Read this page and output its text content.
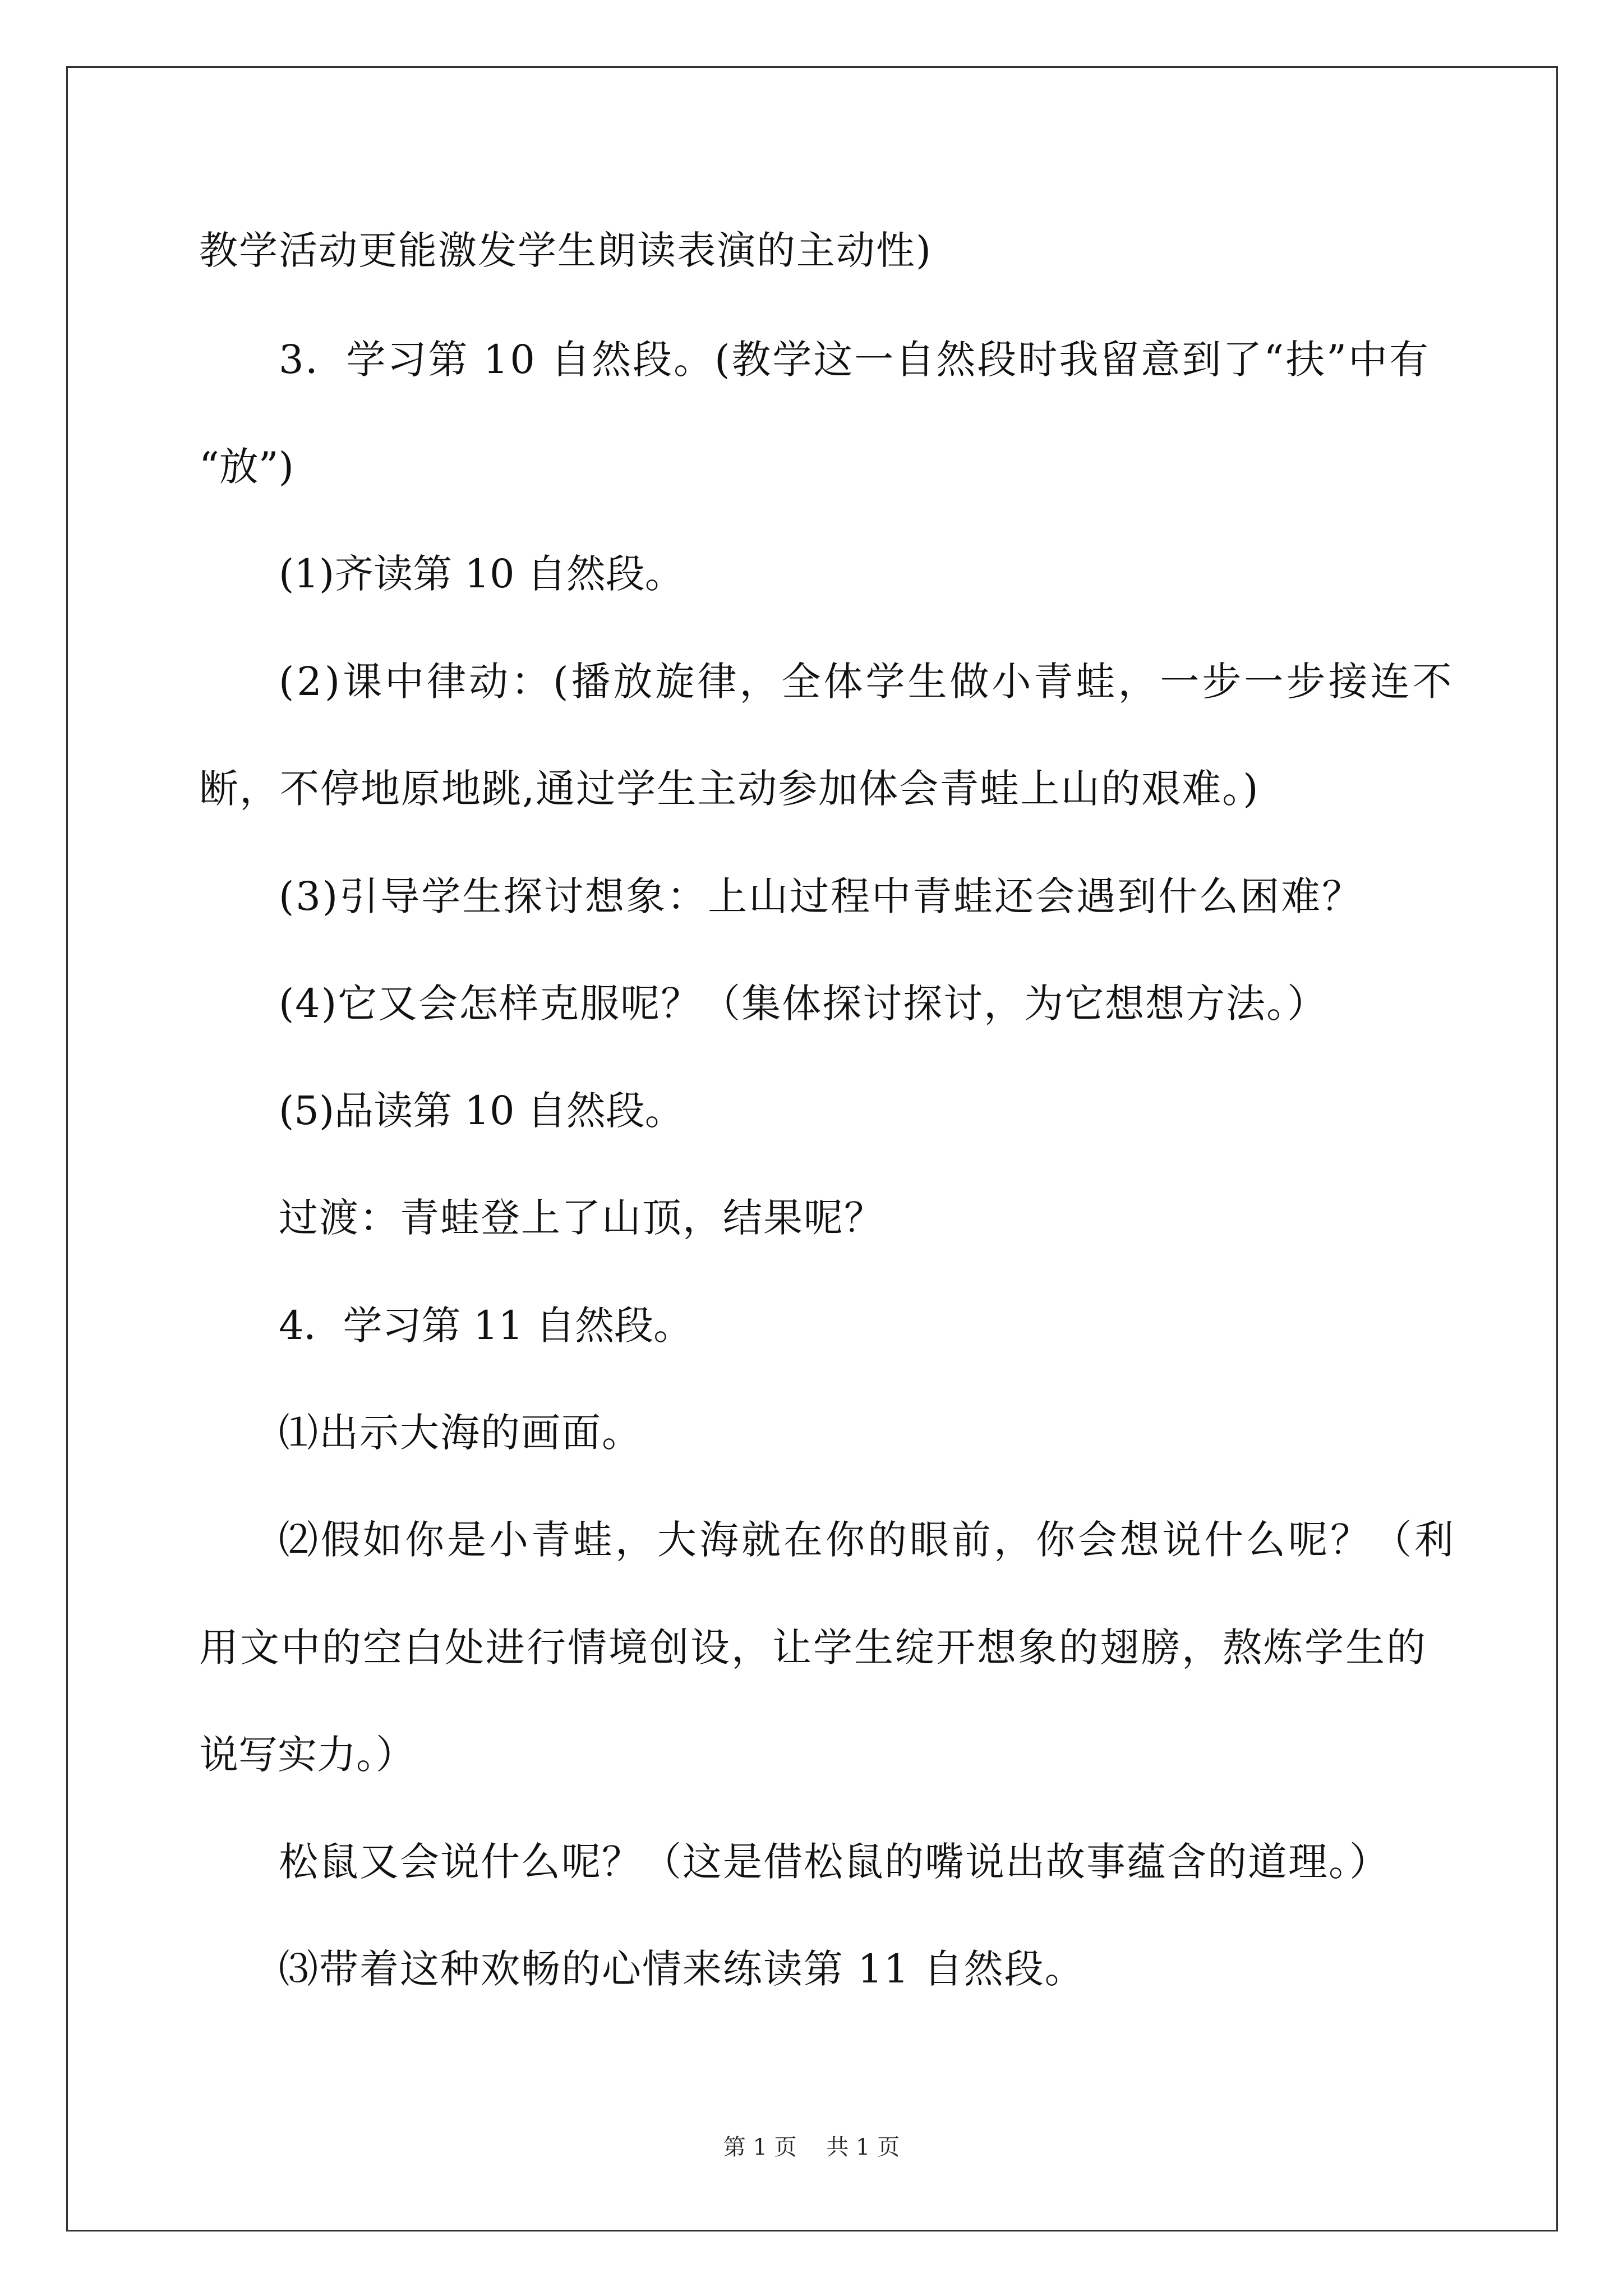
教学活动更能激发学生朗读表演的主动性)
3．学习第 10 自然段。(教学这一自然段时我留意到了“扶”中有
“放”)
(1)齐读第 10 自然段。
(2)课中律动：(播放旋律，全体学生做小青蛙，一步一步接连不
断，不停地原地跳,通过学生主动参加体会青蛙上山的艰难。)
(3)引导学生探讨想象：上山过程中青蛙还会遇到什么困难？
(4)它又会怎样克服呢？（集体探讨探讨，为它想想方法。）
(5)品读第 10 自然段。
过渡：青蛙登上了山顶，结果呢？
4．学习第 11 自然段。
⑴出示大海的画面。
⑵假如你是小青蛙，大海就在你的眼前，你会想说什么呢？（利
用文中的空白处进行情境创设，让学生绽开想象的翅膀，熬炼学生的
说写实力。）
松鼠又会说什么呢？（这是借松鼠的嘴说出故事蕴含的道理。）
⑶带着这种欢畅的心情来练读第 11 自然段。
第 1 页　 共 1 页
